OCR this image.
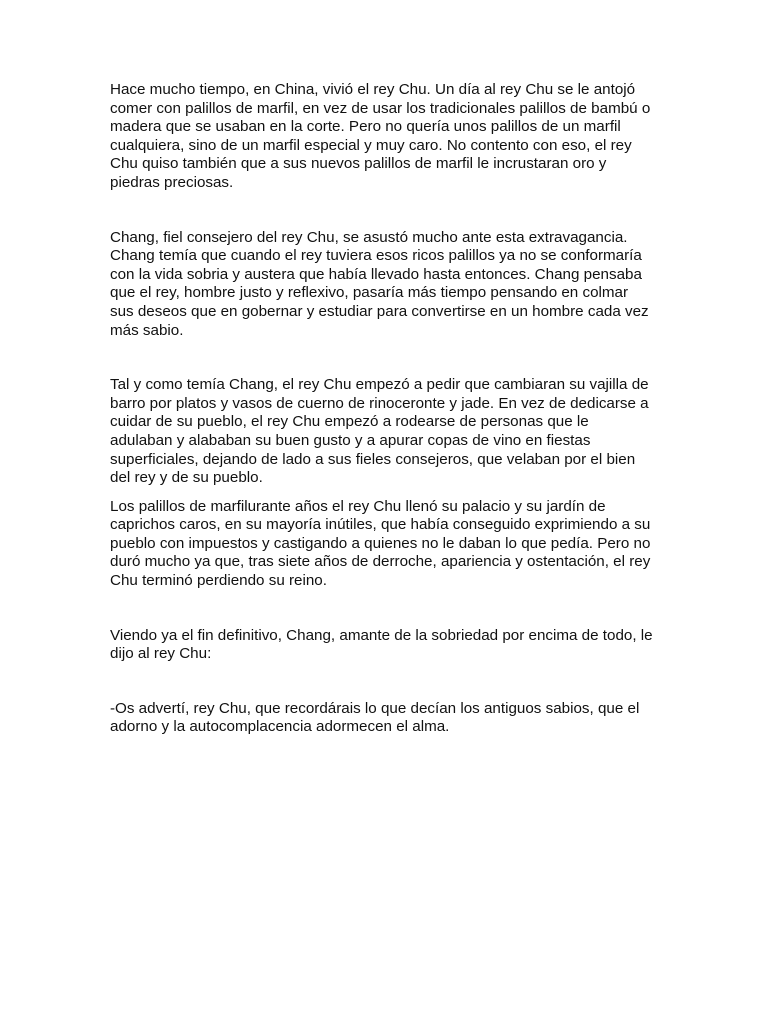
Hace mucho tiempo, en China, vivió el rey Chu. Un día al rey Chu se le antojó comer con palillos de marfil, en vez de usar los tradicionales palillos de bambú o madera que se usaban en la corte. Pero no quería unos palillos de un marfil cualquiera, sino de un marfil especial y muy caro. No contento con eso, el rey Chu quiso también que a sus nuevos palillos de marfil le incrustaran oro y piedras preciosas.

Chang, fiel consejero del rey Chu, se asustó mucho ante esta extravagancia. Chang temía que cuando el rey tuviera esos ricos palillos ya no se conformaría con la vida sobria y austera que había llevado hasta entonces. Chang pensaba que el rey, hombre justo y reflexivo, pasaría más tiempo pensando en colmar sus deseos que en gobernar y estudiar para convertirse en un hombre cada vez más sabio.

Tal y como temía Chang, el rey Chu empezó a pedir que cambiaran su vajilla de barro por platos y vasos de cuerno de rinoceronte y jade. En vez de dedicarse a cuidar de su pueblo, el rey Chu empezó a rodearse de personas que le adulaban y alababan su buen gusto y a apurar copas de vino en fiestas superficiales, dejando de lado a sus fieles consejeros, que velaban por el bien del rey y de su pueblo.

Los palillos de marfilurante años el rey Chu llenó su palacio y su jardín de caprichos caros, en su mayoría inútiles, que había conseguido exprimiendo a su pueblo con impuestos y castigando a quienes no le daban lo que pedía. Pero no duró mucho ya que, tras siete años de derroche, apariencia y ostentación, el rey Chu terminó perdiendo su reino.

Viendo ya el fin definitivo, Chang, amante de la sobriedad por encima de todo, le dijo al rey Chu:

-Os advertí, rey Chu, que recordárais lo que decían los antiguos sabios, que el adorno y la autocomplacencia adormecen el alma.
